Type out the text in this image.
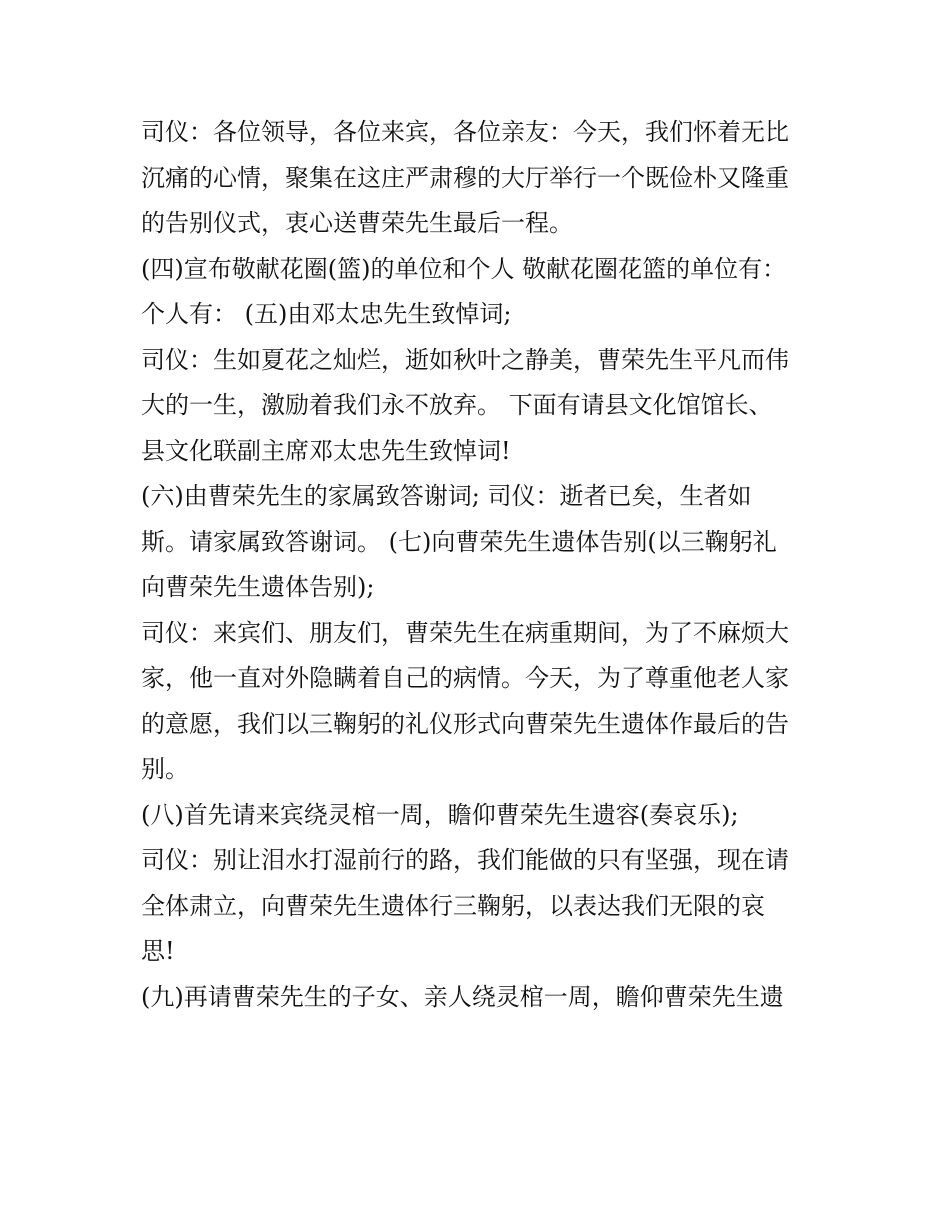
司仪：各位领导，各位来宾，各位亲友：今天，我们怀着无比
沉痛的心情，聚集在这庄严肃穆的大厅举行一个既俭朴又隆重
的告别仪式，衷心送曹荣先生最后一程。
(四)宣布敬献花圈(篮)的单位和个人 敬献花圈花篮的单位有：
个人有： (五)由邓太忠先生致悼词;
司仪：生如夏花之灿烂，逝如秋叶之静美，曹荣先生平凡而伟
大的一生，激励着我们永不放弃。 下面有请县文化馆馆长、
县文化联副主席邓太忠先生致悼词!
(六)由曹荣先生的家属致答谢词; 司仪：逝者已矣，生者如
斯。请家属致答谢词。 (七)向曹荣先生遗体告别(以三鞠躬礼
向曹荣先生遗体告别);
司仪：来宾们、朋友们，曹荣先生在病重期间，为了不麻烦大
家，他一直对外隐瞒着自己的病情。今天，为了尊重他老人家
的意愿，我们以三鞠躬的礼仪形式向曹荣先生遗体作最后的告
别。
(八)首先请来宾绕灵棺一周，瞻仰曹荣先生遗容(奏哀乐);
司仪：别让泪水打湿前行的路，我们能做的只有坚强，现在请
全体肃立，向曹荣先生遗体行三鞠躬，以表达我们无限的哀
思!
(九)再请曹荣先生的子女、亲人绕灵棺一周，瞻仰曹荣先生遗
